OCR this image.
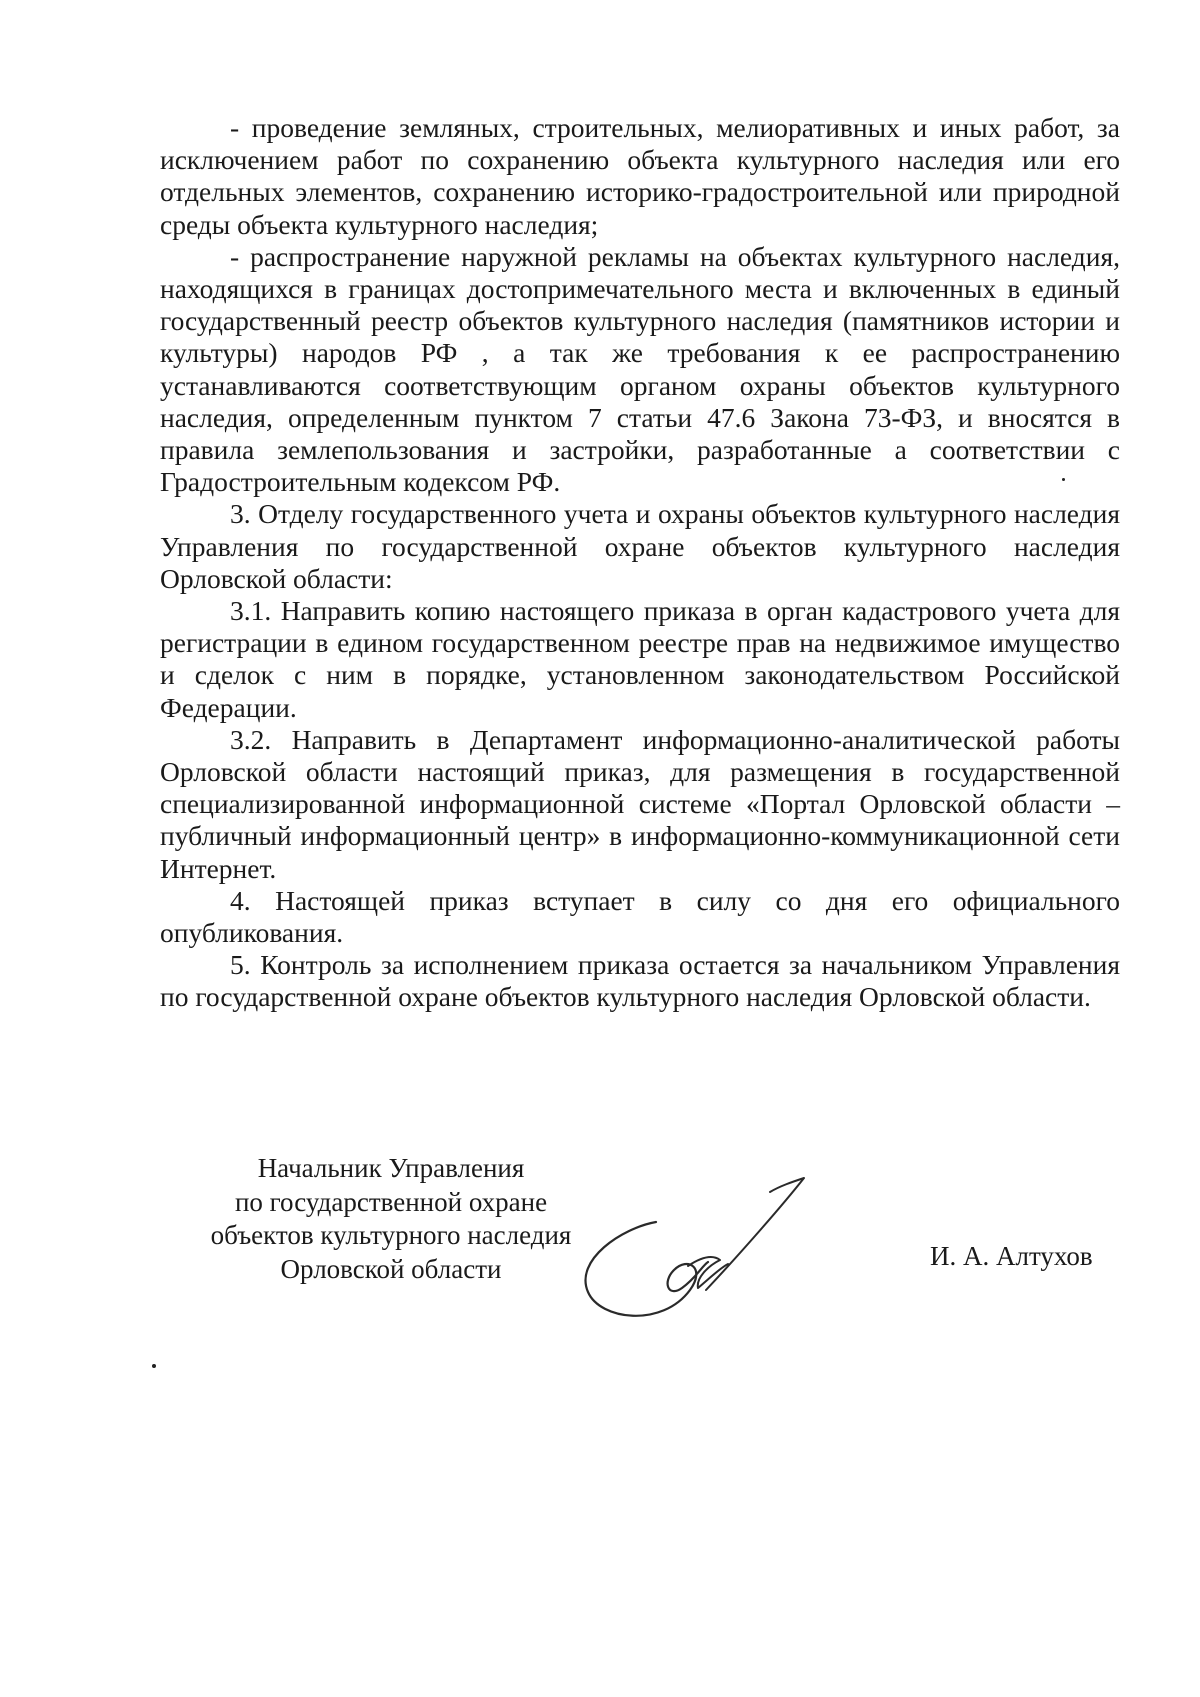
- проведение земляных, строительных, мелиоративных и иных работ, за исключением работ по сохранению объекта культурного наследия или его отдельных элементов, сохранению историко-градостроительной или природной среды объекта культурного наследия;

- распространение наружной рекламы на объектах культурного наследия, находящихся в границах достопримечательного места и включенных в единый государственный реестр объектов культурного наследия (памятников истории и культуры) народов РФ , а так же требования к ее распространению устанавливаются соответствующим органом охраны объектов культурного наследия, определенным пунктом 7 статьи 47.6 Закона 73-ФЗ, и вносятся в правила землепользования и застройки, разработанные а соответствии с Градостроительным кодексом РФ.

3. Отделу государственного учета и охраны объектов культурного наследия Управления по государственной охране объектов культурного наследия Орловской области:

3.1. Направить копию настоящего приказа в орган кадастрового учета для регистрации в едином государственном реестре прав на недвижимое имущество и сделок с ним в порядке, установленном законодательством Российской Федерации.

3.2. Направить в Департамент информационно-аналитической работы Орловской области настоящий приказ, для размещения в государственной специализированной информационной системе «Портал Орловской области – публичный информационный центр» в информационно-коммуникационной сети Интернет.

4. Настоящей приказ вступает в силу со дня его официального опубликования.

5. Контроль за исполнением приказа остается за начальником Управления по государственной охране объектов культурного наследия Орловской области.

Начальник Управления
по государственной охране
объектов культурного наследия
Орловской области	И. А. Алтухов
